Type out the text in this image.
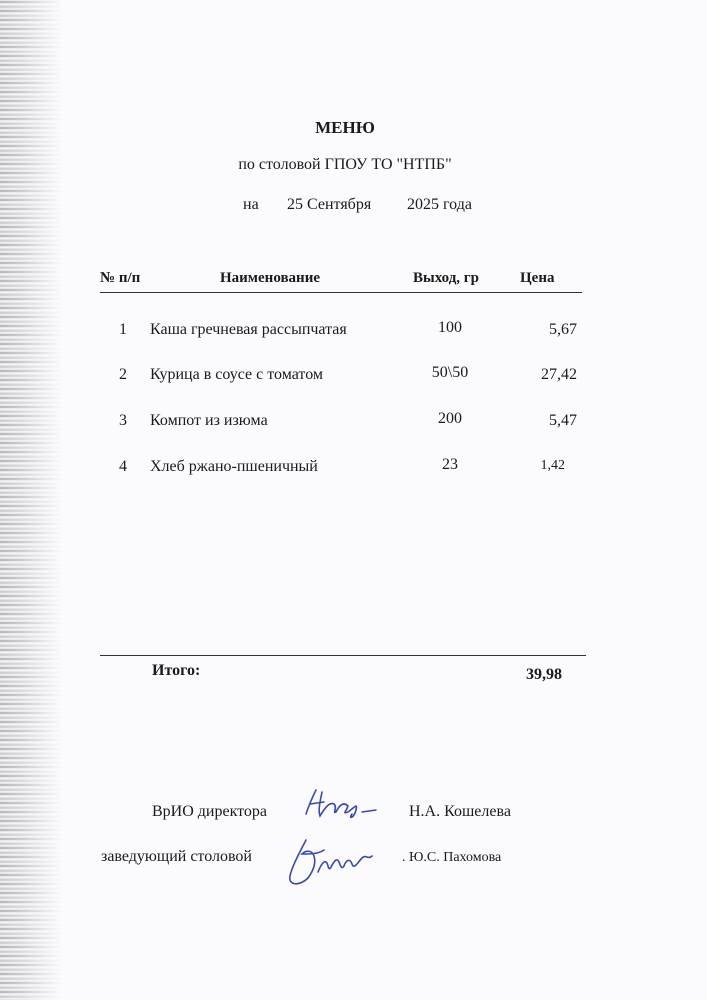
МЕНЮ
по столовой ГПОУ ТО "НТПБ"
на 25 Сентября 2025 года
№ п/п	Наименование	Выход, гр	Цена
1 Каша гречневая рассыпчатая	100	5,67
2 Курица в соусе с томатом	50\50	27,42
3 Компот из изюма	200	5,47
4 Хлеб ржано-пшеничный	23	1,42
Итого:	39,98
ВрИО директора	Н.А. Кошелева
заведующий столовой	. Ю.С. Пахомова
